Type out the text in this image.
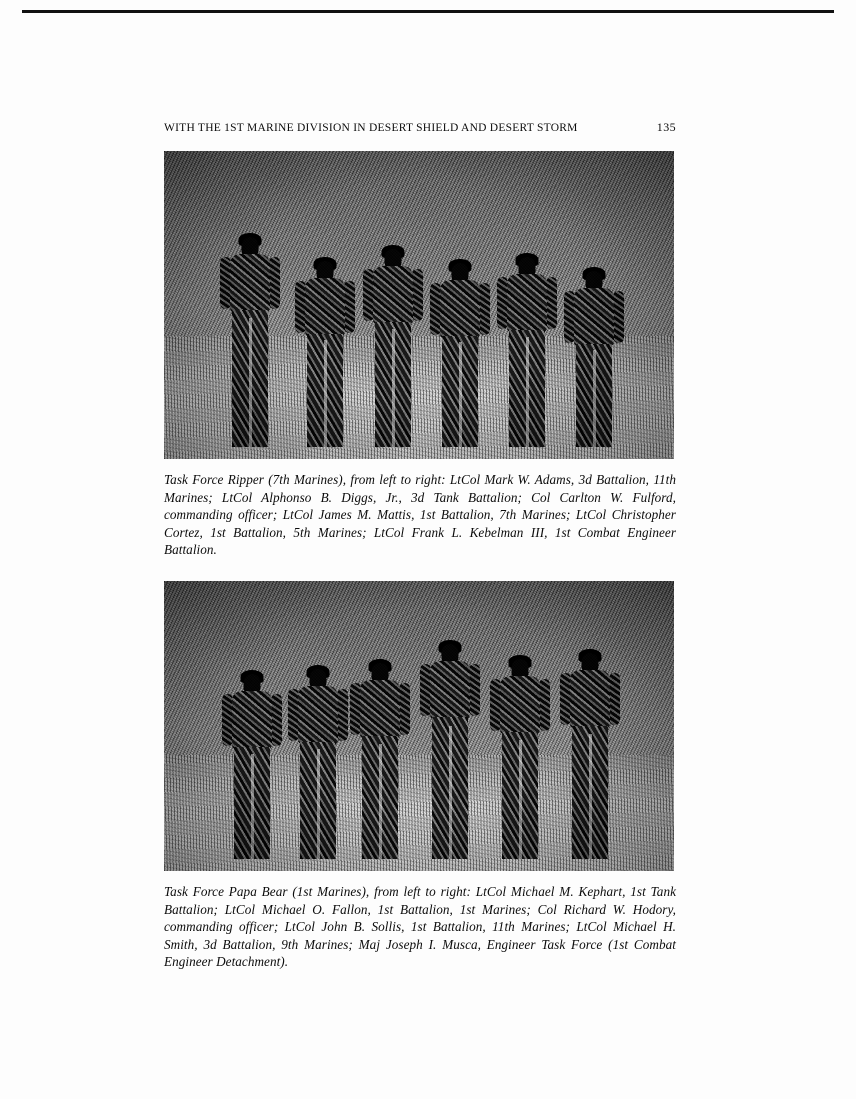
WITH THE 1ST MARINE DIVISION IN DESERT SHIELD AND DESERT STORM	135

Task Force Ripper (7th Marines), from left to right: LtCol Mark W. Adams, 3d Battalion, 11th Marines; LtCol Alphonso B. Diggs, Jr., 3d Tank Battalion; Col Carlton W. Fulford, commanding officer; LtCol James M. Mattis, 1st Battalion, 7th Marines; LtCol Christopher Cortez, 1st Battalion, 5th Marines; LtCol Frank L. Kebelman III, 1st Combat Engineer Battalion.

Task Force Papa Bear (1st Marines), from left to right: LtCol Michael M. Kephart, 1st Tank Battalion; LtCol Michael O. Fallon, 1st Battalion, 1st Marines; Col Richard W. Hodory, commanding officer; LtCol John B. Sollis, 1st Battalion, 11th Marines; LtCol Michael H. Smith, 3d Battalion, 9th Marines; Maj Joseph I. Musca, Engineer Task Force (1st Combat Engineer Detachment).
